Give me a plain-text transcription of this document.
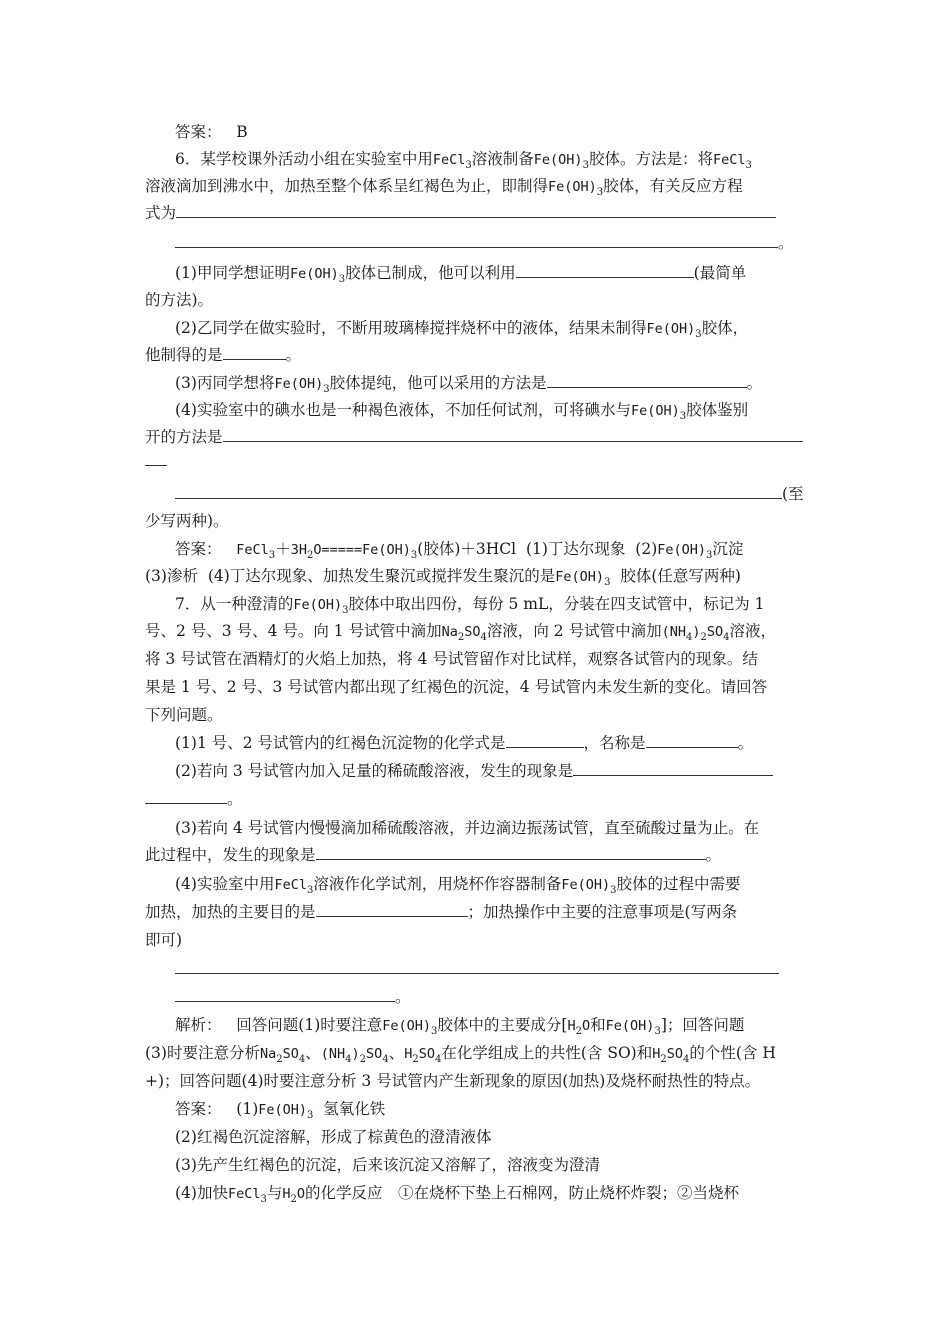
答案： B
6．某学校课外活动小组在实验室中用FeCl$_3$溶液制备$Fe(OH)_3$胶体。方法是：将FeCl$_3$
溶液滴加到沸水中，加热至整个体系呈红褐色为止，即制得$Fe(OH)_3$胶体，有关反应方程
式为
。
(1)甲同学想证明$Fe(OH)_3$胶体已制成，他可以利用	(最简单
的方法)。
(2)乙同学在做实验时，不断用玻璃棒搅拌烧杯中的液体，结果未制得$Fe(OH)_3$胶体，
他制得的是	。
(3)丙同学想将$Fe(OH)_3$胶体提纯，他可以采用的方法是	。
(4)实验室中的碘水也是一种褐色液体，不加任何试剂，可将碘水与$Fe(OH)_3$胶体鉴别
开的方法是
(至
少写两种)。
答案： $FeCl_3+3H_2O=====Fe(OH)_3$(胶体)＋3HCl (1)丁达尔现象 $(2)Fe(OH)_3$沉淀
(3)渗析 (4)丁达尔现象、加热发生聚沉或搅拌发生聚沉的是$Fe(OH)_3$ 胶体(任意写两种)
7．从一种澄清的$Fe(OH)_3$胶体中取出四份，每份 5 mL，分装在四支试管中，标记为 1
号、2 号、3 号、4 号。向 1 号试管中滴加$Na_2SO_4$溶液，向 2 号试管中滴加$(NH_4)_2SO_4$溶液，
将 3 号试管在酒精灯的火焰上加热，将 4 号试管留作对比试样，观察各试管内的现象。结
果是 1 号、2 号、3 号试管内都出现了红褐色的沉淀，4 号试管内未发生新的变化。请回答
下列问题。
(1)1 号、2 号试管内的红褐色沉淀物的化学式是	，名称是	。
(2)若向 3 号试管内加入足量的稀硫酸溶液，发生的现象是
。
(3)若向 4 号试管内慢慢滴加稀硫酸溶液，并边滴边振荡试管，直至硫酸过量为止。在
此过程中，发生的现象是	。
(4)实验室中用FeCl$_3$溶液作化学试剂，用烧杯作容器制备$Fe(OH)_3$胶体的过程中需要
加热，加热的主要目的是	；加热操作中主要的注意事项是(写两条
即可)
。
解析： 回答问题(1)时要注意$Fe(OH)_3$胶体中的主要成分[$H_2O$和$Fe(OH)_3$]；回答问题
(3)时要注意分析$Na_2SO_4$、$(NH_4)_2SO_4$、$H_2SO_4$在化学组成上的共性(含 SO)和$H_2SO_4$的个性(含 H
+)；回答问题(4)时要注意分析 3 号试管内产生新现象的原因(加热)及烧杯耐热性的特点。
答案： $(1)Fe(OH)_3$ 氢氧化铁
(2)红褐色沉淀溶解，形成了棕黄色的澄清液体
(3)先产生红褐色的沉淀，后来该沉淀又溶解了，溶液变为澄清
(4)加快FeCl$_3$与$H_2O$的化学反应　①在烧杯下垫上石棉网，防止烧杯炸裂；②当烧杯
